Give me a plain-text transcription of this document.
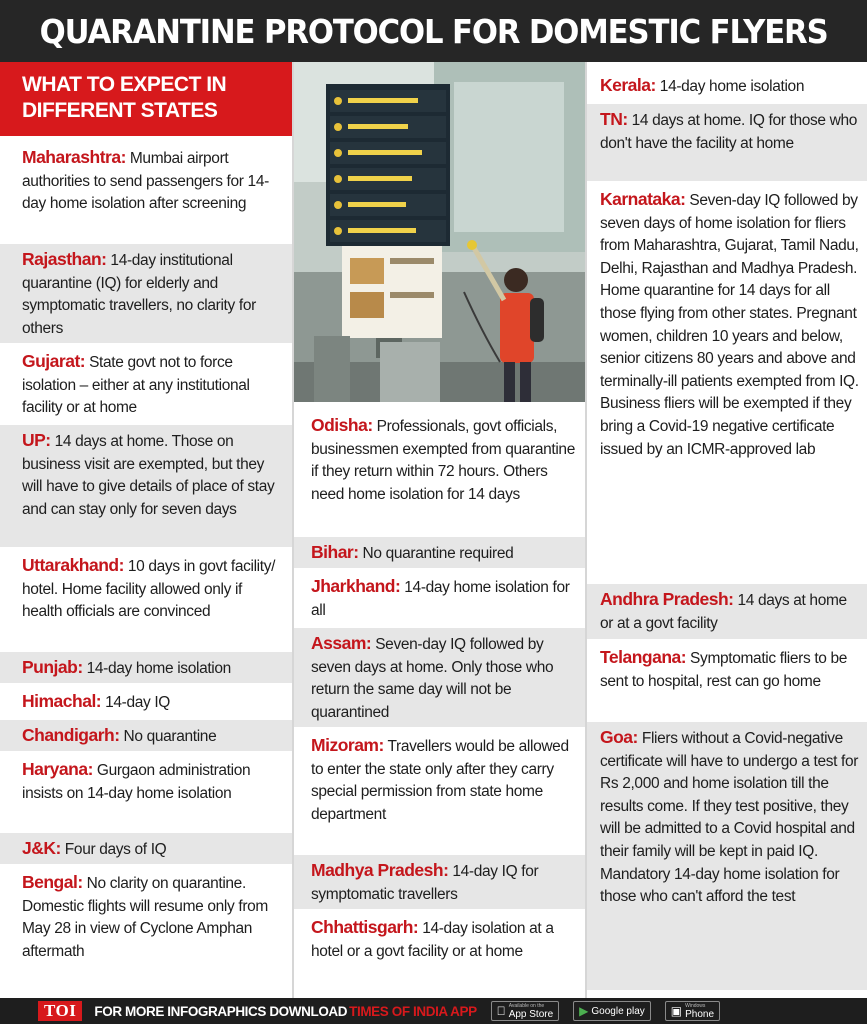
QUARANTINE PROTOCOL FOR DOMESTIC FLYERS
WHAT TO EXPECT IN
DIFFERENT STATES
Maharashtra: Mumbai airport authorities to send passengers for 14-day home isolation after screening
Rajasthan: 14-day institutional quarantine (IQ) for elderly and symptomatic travellers, no clarity for others
Gujarat: State govt not to force isolation – either at any institutional facility or at home
UP: 14 days at home. Those on business visit are exempted, but they will have to give details of place of stay and can stay only for seven days
Uttarakhand: 10 days in govt facility/ hotel. Home facility allowed only if health officials are convinced
Punjab: 14-day home isolation
Himachal: 14-day IQ
Chandigarh: No quarantine
Haryana: Gurgaon administration insists on 14-day home isolation
J&K: Four days of IQ
Bengal: No clarity on quarantine. Domestic flights will resume only from May 28 in view of Cyclone Amphan aftermath
Odisha: Professionals, govt officials, businessmen exempted from quarantine if they return within 72 hours. Others need home isolation for 14 days
Bihar: No quarantine required
Jharkhand: 14-day home isolation for all
Assam: Seven-day IQ followed by seven days at home. Only those who return the same day will not be quarantined
Mizoram: Travellers would be allowed to enter the state only after they carry special permission from state home department
Madhya Pradesh: 14-day IQ for symptomatic travellers
Chhattisgarh: 14-day isolation at a hotel or a govt facility or at home
Kerala: 14-day home isolation
TN: 14 days at home. IQ for those who don't have the facility at home
Karnataka: Seven-day IQ followed by seven days of home isolation for fliers from Maharashtra, Gujarat, Tamil Nadu, Delhi, Rajasthan and Madhya Pradesh. Home quarantine for 14 days for all those flying from other states. Pregnant women, children 10 years and below, senior citizens 80 years and above and terminally-ill patients exempted from IQ. Business fliers will be exempted if they bring a Covid-19 negative certificate issued by an ICMR-approved lab
Andhra Pradesh: 14 days at home or at a govt facility
Telangana: Symptomatic fliers to be sent to hospital, rest can go home
Goa: Fliers without a Covid-negative certificate will have to undergo a test for Rs 2,000 and home isolation till the results come. If they test positive, they will be admitted to a Covid hospital and their family will be kept in paid IQ. Mandatory 14-day home isolation for those who can't afford the test
TOI	FOR MORE INFOGRAPHICS DOWNLOAD TIMES OF INDIA APP	Available on the
App Store ▶ Google play ▣ Windows
Phone
